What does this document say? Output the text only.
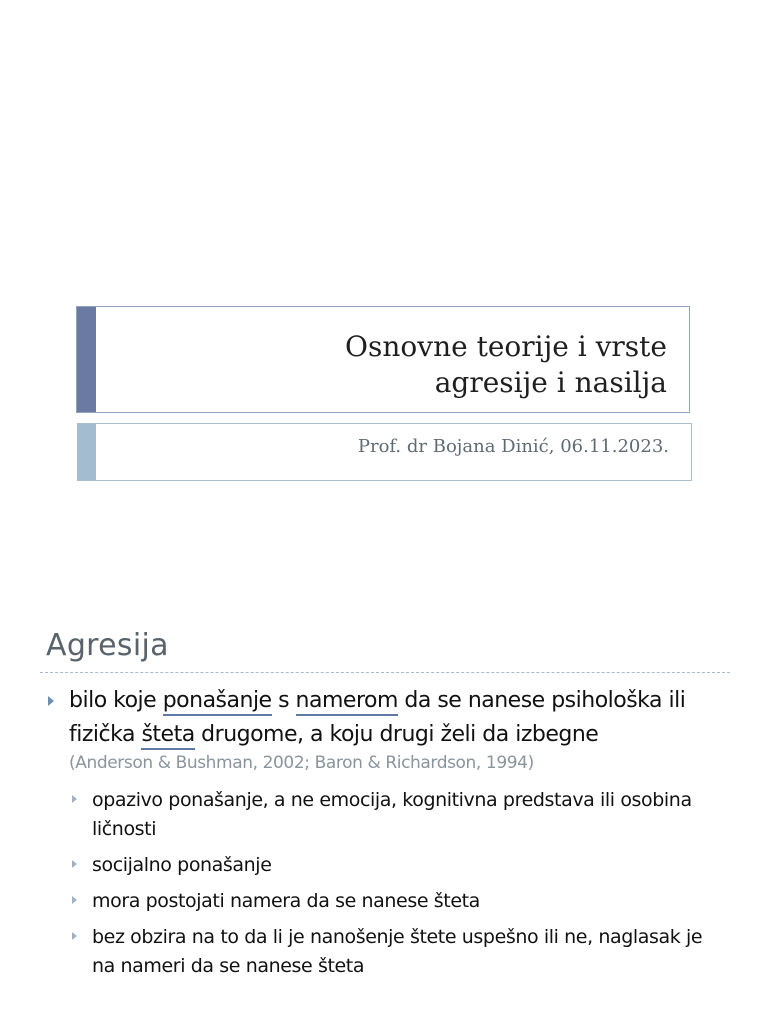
Osnovne teorije i vrste
agresije i nasilja
Prof. dr Bojana Dinić, 06.11.2023.
Agresija
bilo koje ponašanje s namerom da se nanese psihološka ili fizička šteta drugome, a koju drugi želi da izbegne
(Anderson & Bushman, 2002; Baron & Richardson, 1994)
opazivo ponašanje, a ne emocija, kognitivna predstava ili osobina ličnosti
socijalno ponašanje
mora postojati namera da se nanese šteta
bez obzira na to da li je nanošenje štete uspešno ili ne, naglasak je na nameri da se nanese šteta
